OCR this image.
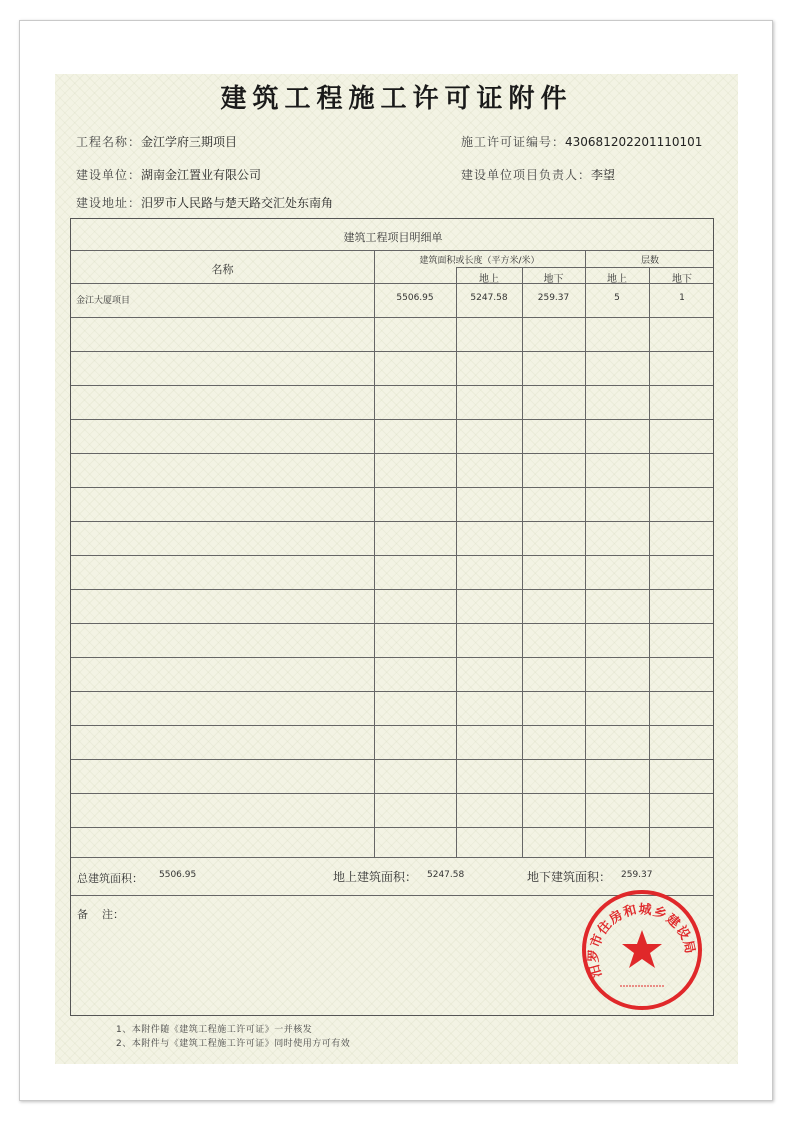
建筑工程施工许可证附件
工程名称：金江学府三期项目	施工许可证编号：430681202201110101
建设单位：湖南金江置业有限公司	建设单位项目负责人：李望
建设地址：汨罗市人民路与楚天路交汇处东南角
建筑工程项目明细单
名称
建筑面积或长度（平方米/米）	层数
地上	地下	地上	地下
金江大厦项目	5506.95	5247.58	259.37	5	1
总建筑面积： 5506.95	地上建筑面积： 5247.58	地下建筑面积： 259.37
备    注：
汨罗市住房和城乡建设局
1、本附件随《建筑工程施工许可证》一并核发
2、本附件与《建筑工程施工许可证》同时使用方可有效
